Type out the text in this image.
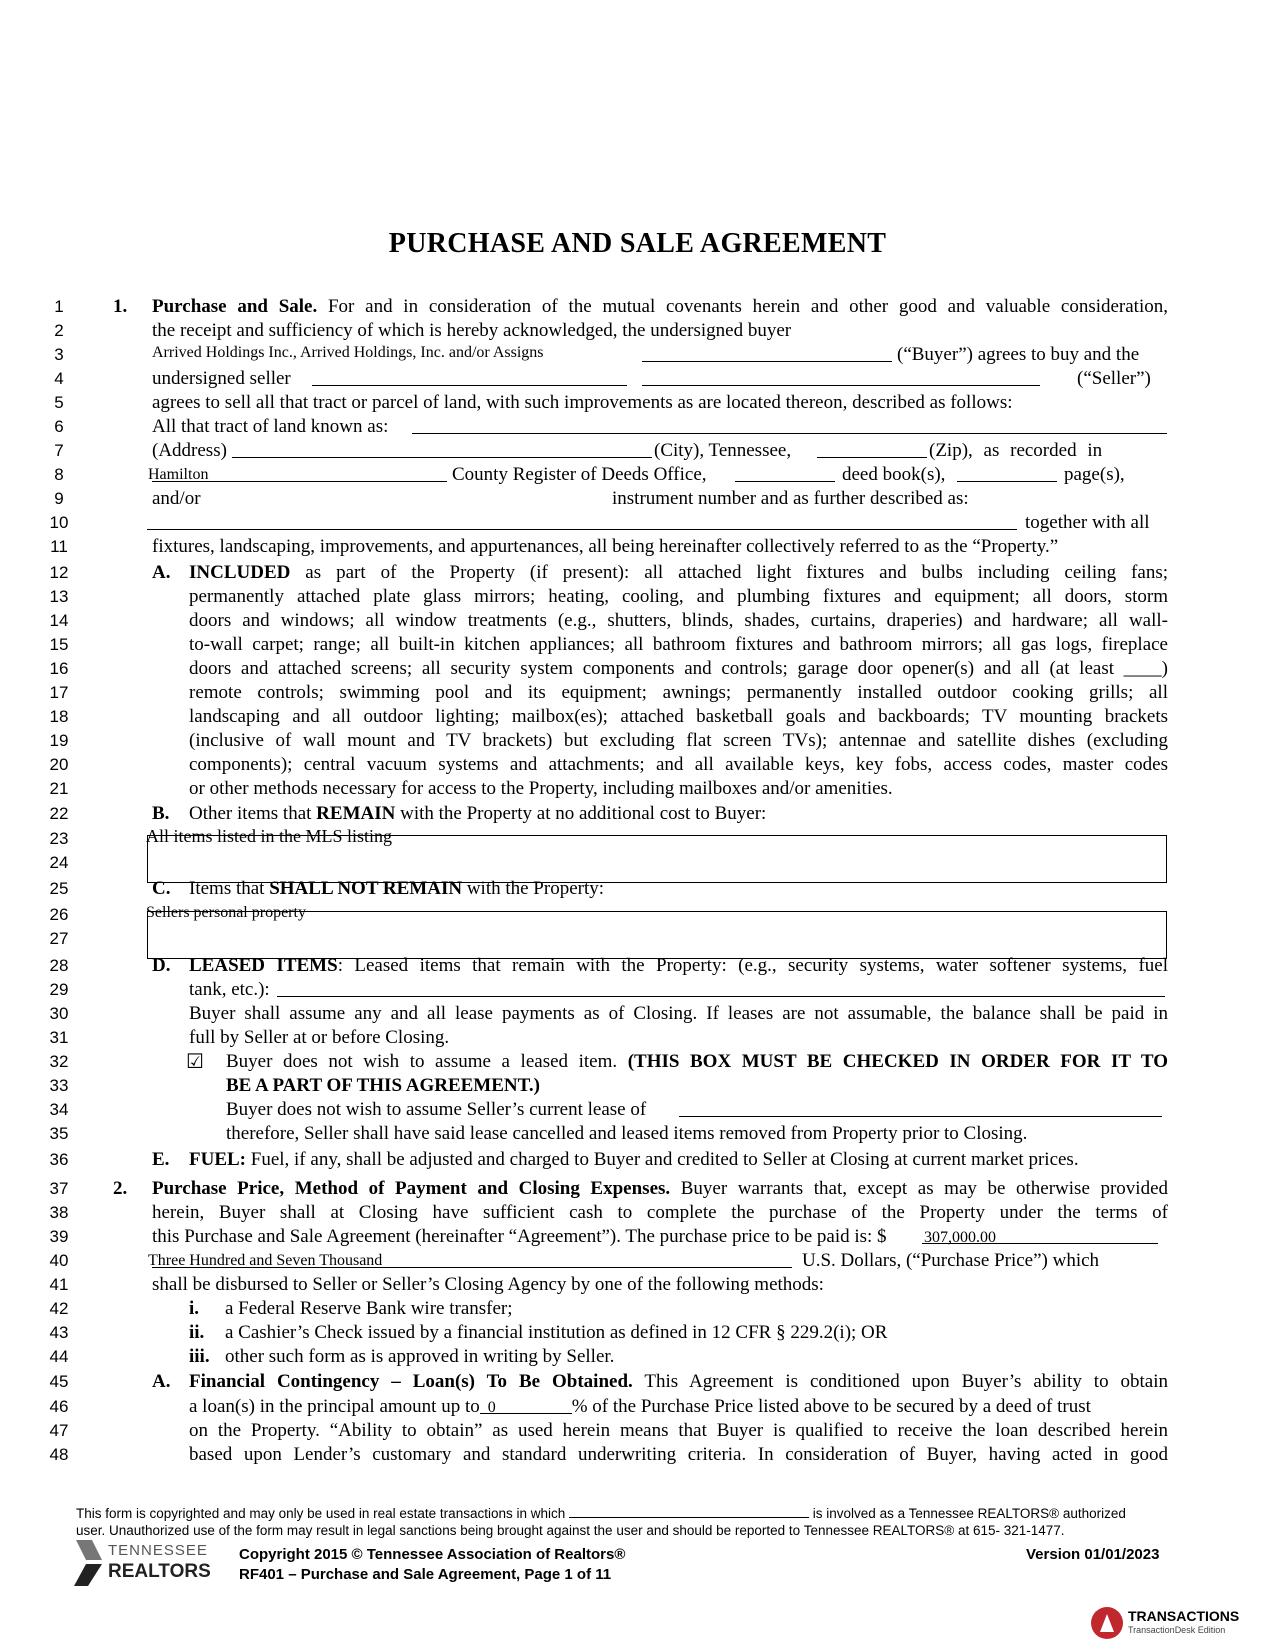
PURCHASE AND SALE AGREEMENT
1	1. Purchase and Sale. For and in consideration of the mutual covenants herein and other good and valuable consideration,
2	the receipt and sufficiency of which is hereby acknowledged, the undersigned buyer
3	Arrived Holdings Inc., Arrived Holdings, Inc. and/or Assigns	(“Buyer”) agrees to buy and the
4	undersigned seller	(“Seller”)
5	agrees to sell all that tract or parcel of land, with such improvements as are located thereon, described as follows:
6	All that tract of land known as:
7	(Address)	(City), Tennessee,	(Zip), as recorded in
8	Hamilton	County Register of Deeds Office,	deed book(s),	page(s),
9	and/or	instrument number and as further described as:
10	together with all
11	fixtures, landscaping, improvements, and appurtenances, all being hereinafter collectively referred to as the “Property.”
12	A. INCLUDED as part of the Property (if present): all attached light fixtures and bulbs including ceiling fans;
13	permanently attached plate glass mirrors; heating, cooling, and plumbing fixtures and equipment; all doors, storm
14	doors and windows; all window treatments (e.g., shutters, blinds, shades, curtains, draperies) and hardware; all wall-
15	to-wall carpet; range; all built-in kitchen appliances; all bathroom fixtures and bathroom mirrors; all gas logs, fireplace
16	doors and attached screens; all security system components and controls; garage door opener(s) and all (at least ____)
17	remote controls; swimming pool and its equipment; awnings; permanently installed outdoor cooking grills; all
18	landscaping and all outdoor lighting; mailbox(es); attached basketball goals and backboards; TV mounting brackets
19	(inclusive of wall mount and TV brackets) but excluding flat screen TVs); antennae and satellite dishes (excluding
20	components); central vacuum systems and attachments; and all available keys, key fobs, access codes, master codes
21	or other methods necessary for access to the Property, including mailboxes and/or amenities.
22	B. Other items that REMAIN with the Property at no additional cost to Buyer:
23	All items listed in the MLS listing
24
25	C. Items that SHALL NOT REMAIN with the Property:
26	Sellers personal property
27
28	D. LEASED ITEMS: Leased items that remain with the Property: (e.g., security systems, water softener systems, fuel
29	tank, etc.):
30	Buyer shall assume any and all lease payments as of Closing. If leases are not assumable, the balance shall be paid in
31	full by Seller at or before Closing.
32	☑ Buyer does not wish to assume a leased item. (THIS BOX MUST BE CHECKED IN ORDER FOR IT TO
33	BE A PART OF THIS AGREEMENT.)
34	Buyer does not wish to assume Seller’s current lease of
35	therefore, Seller shall have said lease cancelled and leased items removed from Property prior to Closing.
36	E. FUEL: Fuel, if any, shall be adjusted and charged to Buyer and credited to Seller at Closing at current market prices.
37	2. Purchase Price, Method of Payment and Closing Expenses. Buyer warrants that, except as may be otherwise provided
38	herein, Buyer shall at Closing have sufficient cash to complete the purchase of the Property under the terms of
39	this Purchase and Sale Agreement (hereinafter “Agreement”). The purchase price to be paid is: $ 307,000.00
40	Three Hundred and Seven Thousand	U.S. Dollars, (“Purchase Price”) which
41	shall be disbursed to Seller or Seller’s Closing Agency by one of the following methods:
42	i. a Federal Reserve Bank wire transfer;
43	ii. a Cashier’s Check issued by a financial institution as defined in 12 CFR § 229.2(i); OR
44	iii. other such form as is approved in writing by Seller.
45	A. Financial Contingency – Loan(s) To Be Obtained. This Agreement is conditioned upon Buyer’s ability to obtain
46	a loan(s) in the principal amount up to 0	% of the Purchase Price listed above to be secured by a deed of trust
47	on the Property. “Ability to obtain” as used herein means that Buyer is qualified to receive the loan described herein
48	based upon Lender’s customary and standard underwriting criteria. In consideration of Buyer, having acted in good
This form is copyrighted and may only be used in real estate transactions in which	is involved as a Tennessee REALTORS® authorized
user. Unauthorized use of the form may result in legal sanctions being brought against the user and should be reported to Tennessee REALTORS® at 615- 321-1477.
TENNESSEE
REALTORS
Copyright 2015 © Tennessee Association of Realtors®
RF401 – Purchase and Sale Agreement, Page 1 of 11
Version 01/01/2023
TRANSACTIONS
TransactionDesk Edition
